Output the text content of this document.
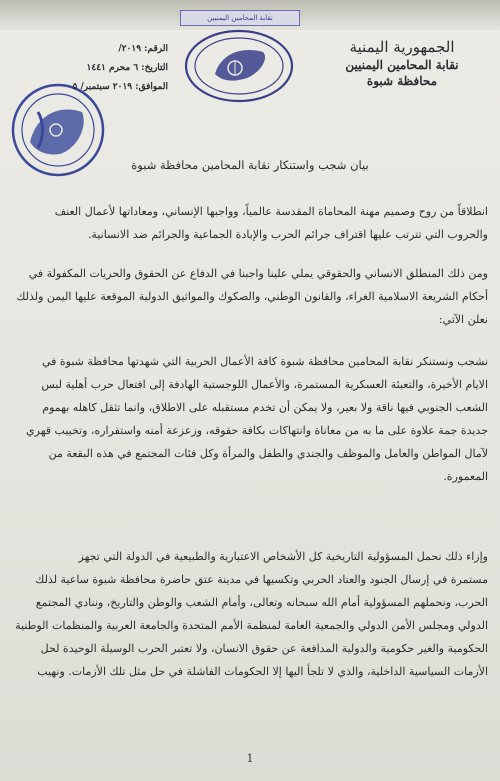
نقابة المحامين اليمنيين
الجمهورية اليمنية
نقابة المحامين اليمنيين
محافظة شبوة
الرقم: ٢٠١٩/
التاريخ: ٦ محرم ١٤٤١
الموافق: ٢٠١٩ سبتمبر/ ٥
بيان شجب واستنكار نقابة المحامين محافظة شبوة

انطلاقاً من روح وصميم مهنة المحاماة المقدسة عالمياً، وواجبها الإنساني، ومعاداتها لأعمال العنف

والحروب التي تترتب عليها اقتراف جرائم الحرب والإبادة الجماعية والجرائم ضد الانسانية.

ومن ذلك المنطلق الانساني والحقوقي يملي علينا واجبنا في الدفاع عن الحقوق والحريات المكفولة في

أحكام الشريعة الاسلامية الغراء، والقانون الوطني، والصكوك والمواثيق الدولية الموقعة عليها اليمن ولذلك

نعلن الآتي:

نشجب ونستنكر نقابة المحامين محافظة شبوة كافة الأعمال الحربية التي شهدتها محافظة شبوة في

الايام الأخيرة، والتعبئة العسكرية المستمرة، والأعمال اللوجستية الهادفة إلى افتعال حرب أهلية لبس

الشعب الجنوبي فيها ناقة ولا بعير، ولا يمكن أن تخدم مستقبله على الاطلاق، وانما تثقل كاهله بهموم

جديدة جمة علاوة على ما به من معاناة وانتهاكات بكافة حقوقه، وزعزعة أمنه واستقراره، وتخييب قهري

لآمال المواطن والعامل والموظف والجندي والطفل والمرأة وكل فئات المجتمع في هذه البقعة من

المعمورة.

وإزاء ذلك نحمل المسؤولية التاريخية كل الأشخاص الاعتبارية والطبيعية في الدولة التي تجهز

مستمرة في إرسال الجنود والعتاد الحربي وتكسيها في مدينة عتق حاضرة محافظة شبوة ساعية لذلك

الحرب، ونحملهم المسؤولية أمام الله سبحانه وتعالى، وأمام الشعب والوطن والتاريخ، وننادي المجتمع

الدولي ومجلس الأمن الدولي والجمعية العامة لمنظمة الأمم المتحدة والجامعة العربية والمنظمات الوطنية

الحكومية والغير حكومية والدولية المدافعة عن حقوق الانسان، ولا تعتبر الحرب الوسيلة الوحيدة لحل

الأزمات السياسية الداخلية، والذي لا تلجأ اليها إلا الحكومات الفاشلة في حل مثل تلك الأزمات. ونهيب

1
